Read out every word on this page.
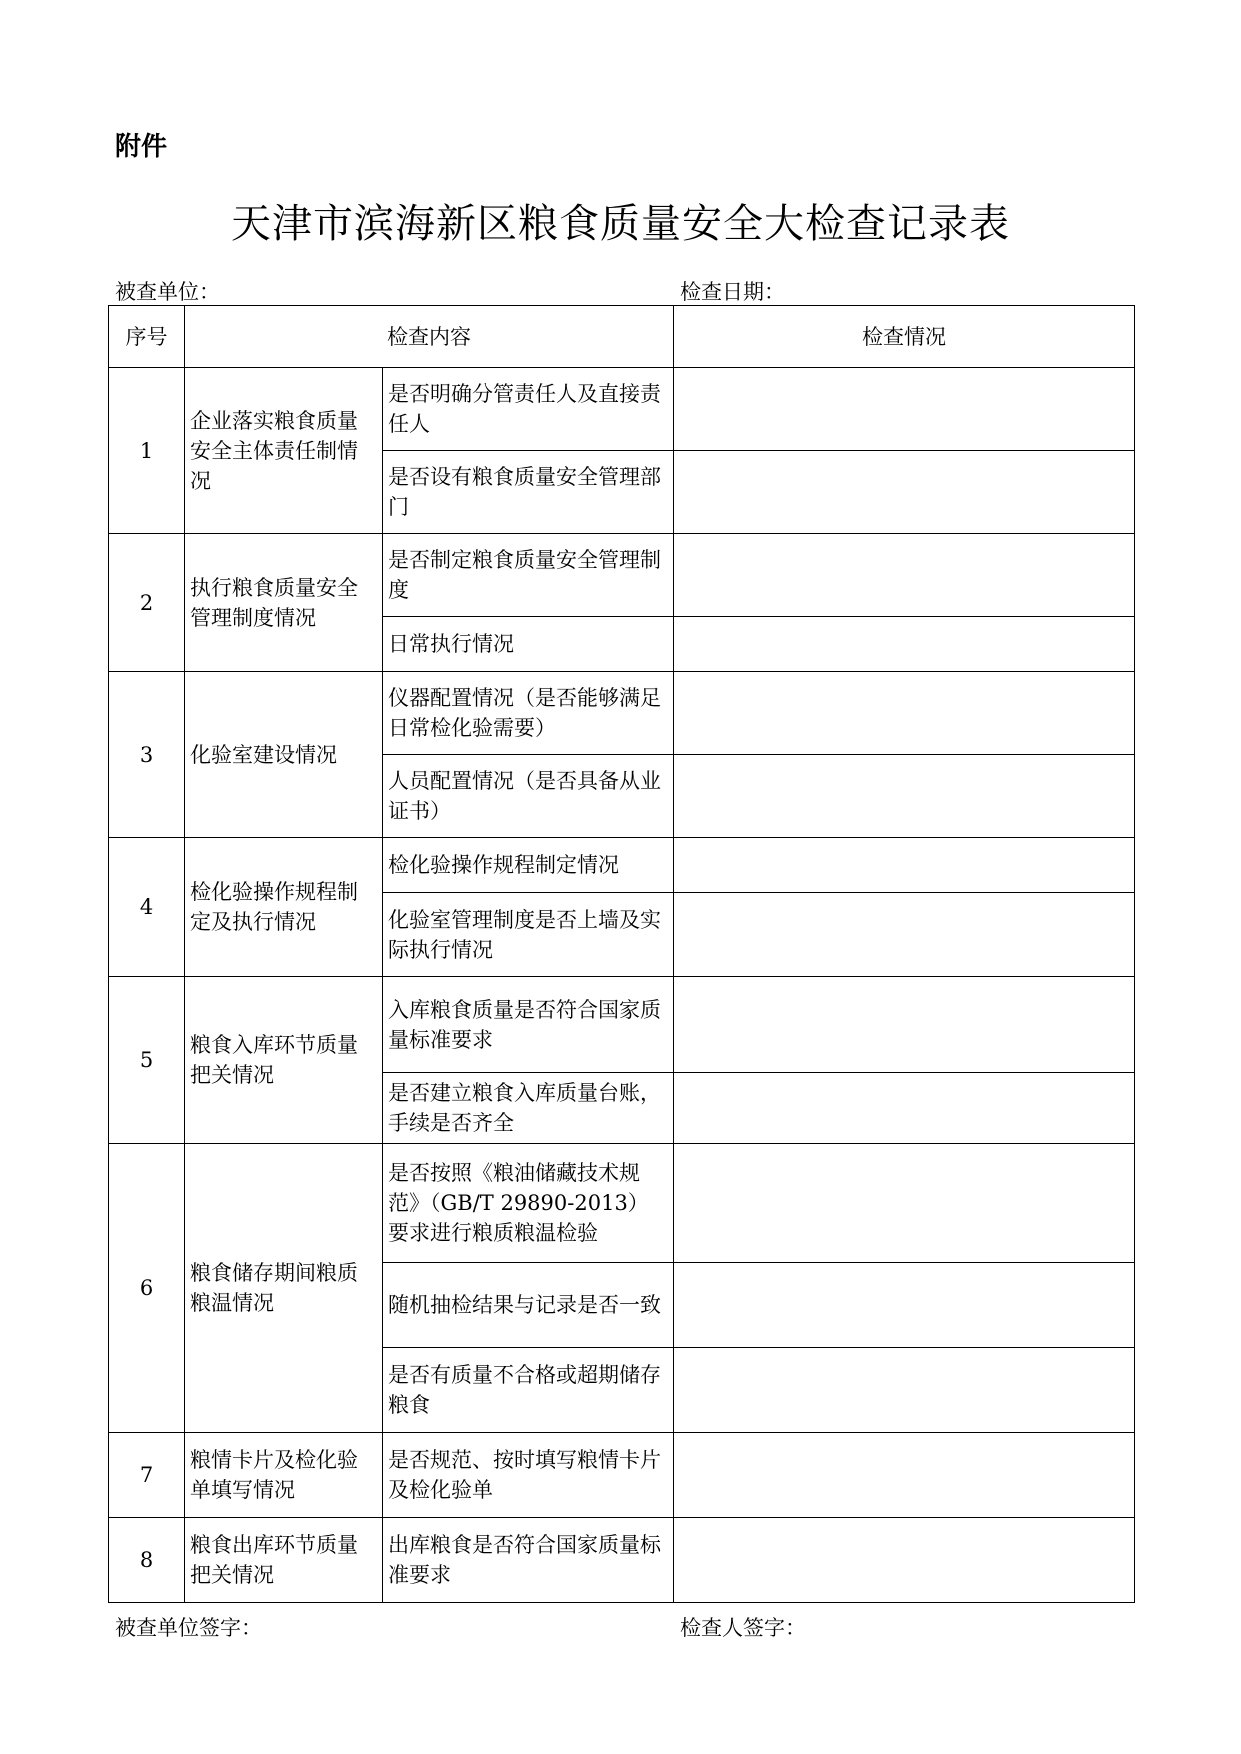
附件
天津市滨海新区粮食质量安全大检查记录表
被查单位：	检查日期：
序号	检查内容		检查情况
1	企业落实粮食质量安全主体责任制情况	是否明确分管责任人及直接责任人	
		是否设有粮食质量安全管理部门	
2	执行粮食质量安全管理制度情况	是否制定粮食质量安全管理制度	
		日常执行情况	
3	化验室建设情况	仪器配置情况（是否能够满足日常检化验需要）	
		人员配置情况（是否具备从业证书）	
4	检化验操作规程制定及执行情况	检化验操作规程制定情况	
		化验室管理制度是否上墙及实际执行情况	
5	粮食入库环节质量把关情况	入库粮食质量是否符合国家质量标准要求	
		是否建立粮食入库质量台账，手续是否齐全	
6	粮食储存期间粮质粮温情况	是否按照《粮油储藏技术规范》（GB/T 29890-2013）要求进行粮质粮温检验	
		随机抽检结果与记录是否一致	
		是否有质量不合格或超期储存粮食	
7	粮情卡片及检化验单填写情况	是否规范、按时填写粮情卡片及检化验单	
8	粮食出库环节质量把关情况	出库粮食是否符合国家质量标准要求	
被查单位签字：	检查人签字：
